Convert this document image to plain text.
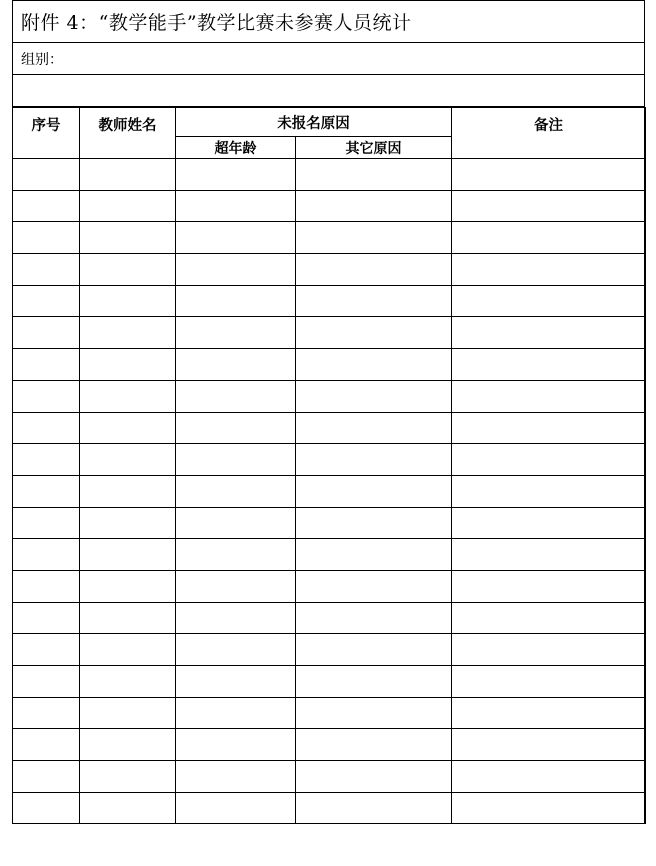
附件 4：“教学能手”教学比赛未参赛人员统计
组别：
序号	教师姓名	未报名原因		备注
		超年龄	其它原因	
